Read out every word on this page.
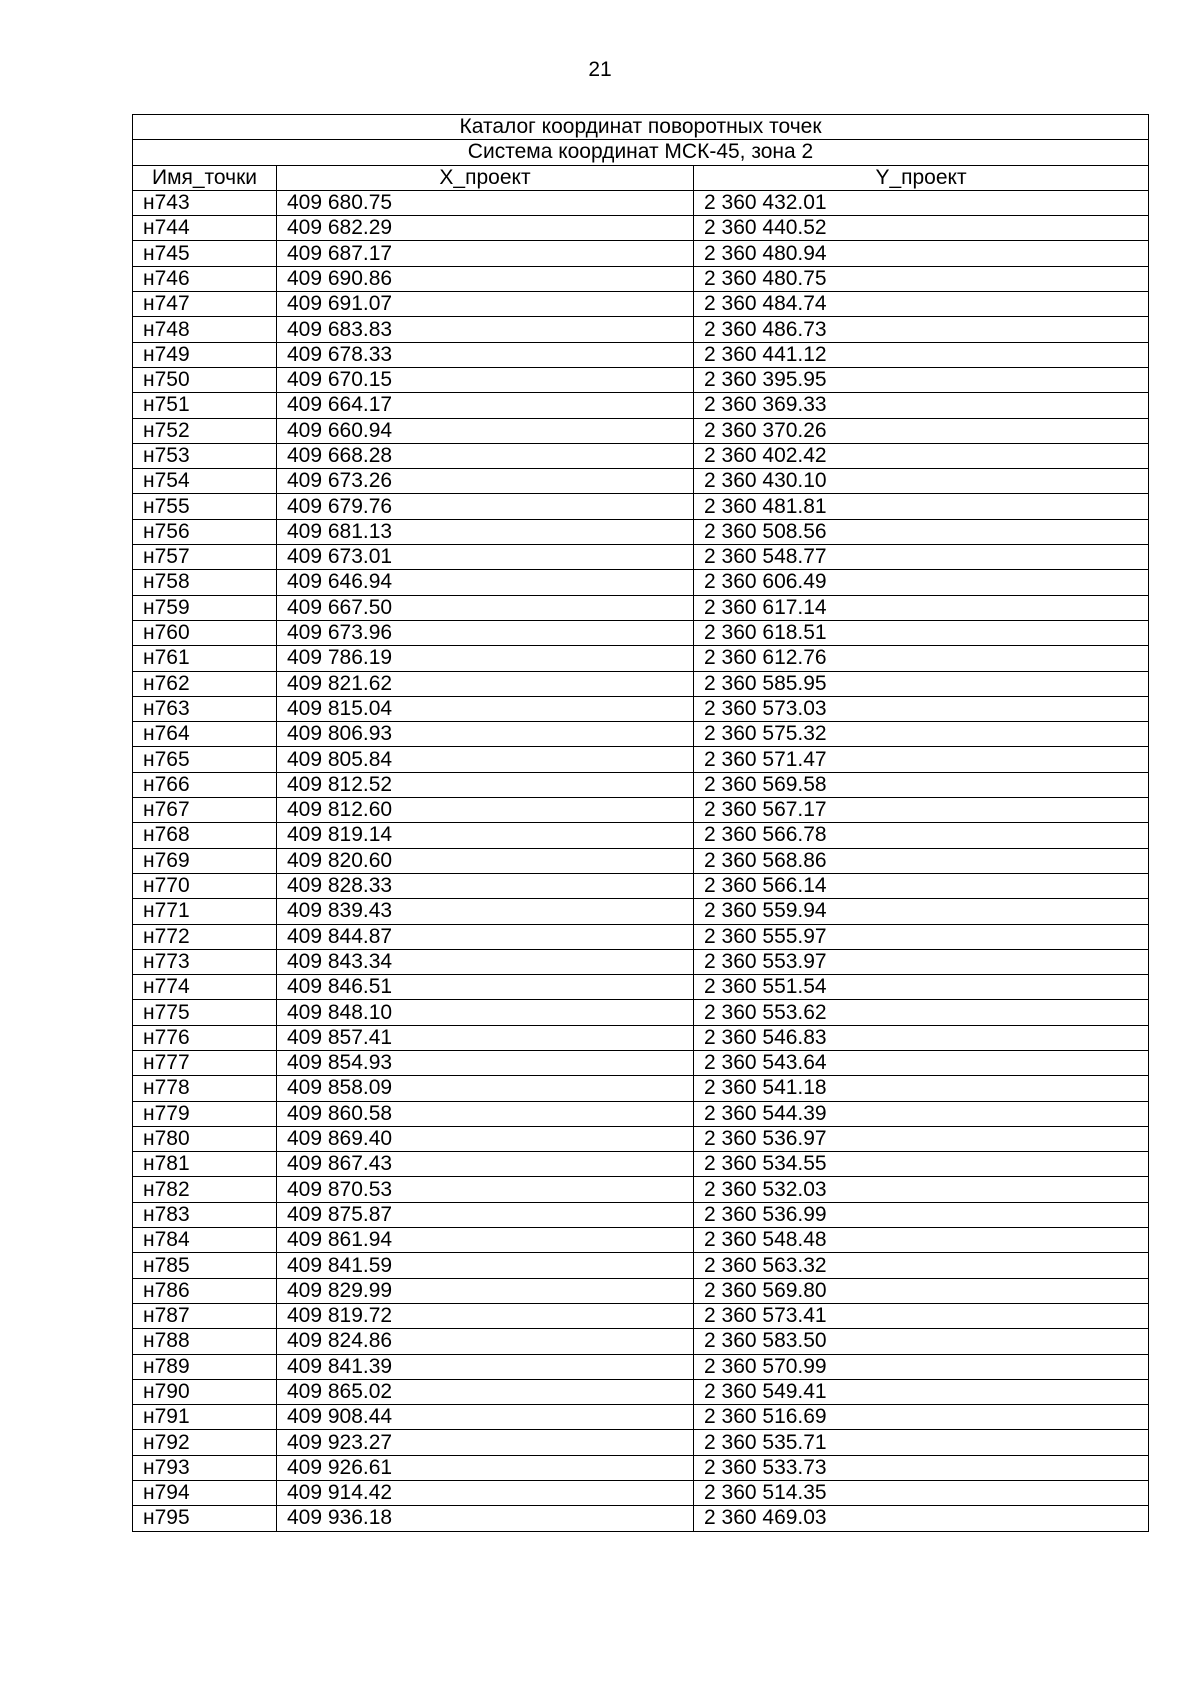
21
Каталог координат поворотных точек		
Система координат МСК-45, зона 2		
Имя_точки	X_проект	Y_проект
н743	409 680.75	2 360 432.01
н744	409 682.29	2 360 440.52
н745	409 687.17	2 360 480.94
н746	409 690.86	2 360 480.75
н747	409 691.07	2 360 484.74
н748	409 683.83	2 360 486.73
н749	409 678.33	2 360 441.12
н750	409 670.15	2 360 395.95
н751	409 664.17	2 360 369.33
н752	409 660.94	2 360 370.26
н753	409 668.28	2 360 402.42
н754	409 673.26	2 360 430.10
н755	409 679.76	2 360 481.81
н756	409 681.13	2 360 508.56
н757	409 673.01	2 360 548.77
н758	409 646.94	2 360 606.49
н759	409 667.50	2 360 617.14
н760	409 673.96	2 360 618.51
н761	409 786.19	2 360 612.76
н762	409 821.62	2 360 585.95
н763	409 815.04	2 360 573.03
н764	409 806.93	2 360 575.32
н765	409 805.84	2 360 571.47
н766	409 812.52	2 360 569.58
н767	409 812.60	2 360 567.17
н768	409 819.14	2 360 566.78
н769	409 820.60	2 360 568.86
н770	409 828.33	2 360 566.14
н771	409 839.43	2 360 559.94
н772	409 844.87	2 360 555.97
н773	409 843.34	2 360 553.97
н774	409 846.51	2 360 551.54
н775	409 848.10	2 360 553.62
н776	409 857.41	2 360 546.83
н777	409 854.93	2 360 543.64
н778	409 858.09	2 360 541.18
н779	409 860.58	2 360 544.39
н780	409 869.40	2 360 536.97
н781	409 867.43	2 360 534.55
н782	409 870.53	2 360 532.03
н783	409 875.87	2 360 536.99
н784	409 861.94	2 360 548.48
н785	409 841.59	2 360 563.32
н786	409 829.99	2 360 569.80
н787	409 819.72	2 360 573.41
н788	409 824.86	2 360 583.50
н789	409 841.39	2 360 570.99
н790	409 865.02	2 360 549.41
н791	409 908.44	2 360 516.69
н792	409 923.27	2 360 535.71
н793	409 926.61	2 360 533.73
н794	409 914.42	2 360 514.35
н795	409 936.18	2 360 469.03
